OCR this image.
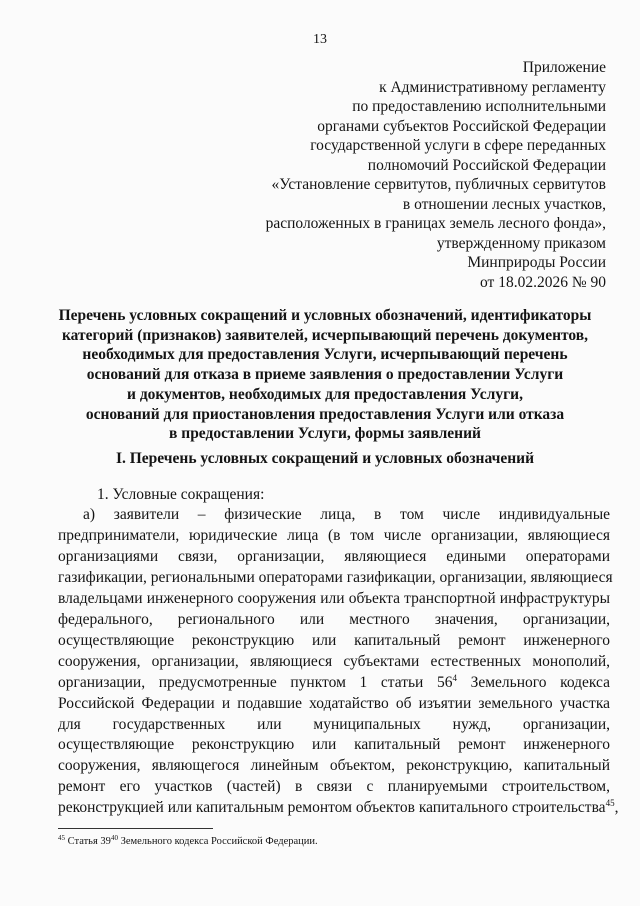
13
Приложение
к Административному регламенту
по предоставлению исполнительными
органами субъектов Российской Федерации
государственной услуги в сфере переданных
полномочий Российской Федерации
«Установление сервитутов, публичных сервитутов
в отношении лесных участков,
расположенных в границах земель лесного фонда»,
утвержденному приказом
Минприроды России
от 18.02.2026 № 90
Перечень условных сокращений и условных обозначений, идентификаторы
категорий (признаков) заявителей, исчерпывающий перечень документов,
необходимых для предоставления Услуги, исчерпывающий перечень
оснований для отказа в приеме заявления о предоставлении Услуги
и документов, необходимых для предоставления Услуги,
оснований для приостановления предоставления Услуги или отказа
в предоставлении Услуги, формы заявлений
I. Перечень условных сокращений и условных обозначений
1. Условные сокращения:
а) заявители – физические лица, в том числе индивидуальные
предприниматели, юридические лица (в том числе организации, являющиеся
организациями связи, организации, являющиеся едиными операторами
газификации, региональными операторами газификации, организации, являющиеся
владельцами инженерного сооружения или объекта транспортной инфраструктуры
федерального, регионального или местного значения, организации,
осуществляющие реконструкцию или капитальный ремонт инженерного
сооружения, организации, являющиеся субъектами естественных монополий,
организации, предусмотренные пунктом 1 статьи $56^4$ Земельного кодекса
Российской Федерации и подавшие ходатайство об изъятии земельного участка
для государственных или муниципальных нужд, организации,
осуществляющие реконструкцию или капитальный ремонт инженерного
сооружения, являющегося линейным объектом, реконструкцию, капитальный
ремонт его участков (частей) в связи с планируемыми строительством,
реконструкцией или капитальным ремонтом объектов капитального строительства$^{45}$,
$^{45}$ Статья $39^{40}$ Земельного кодекса Российской Федерации.
